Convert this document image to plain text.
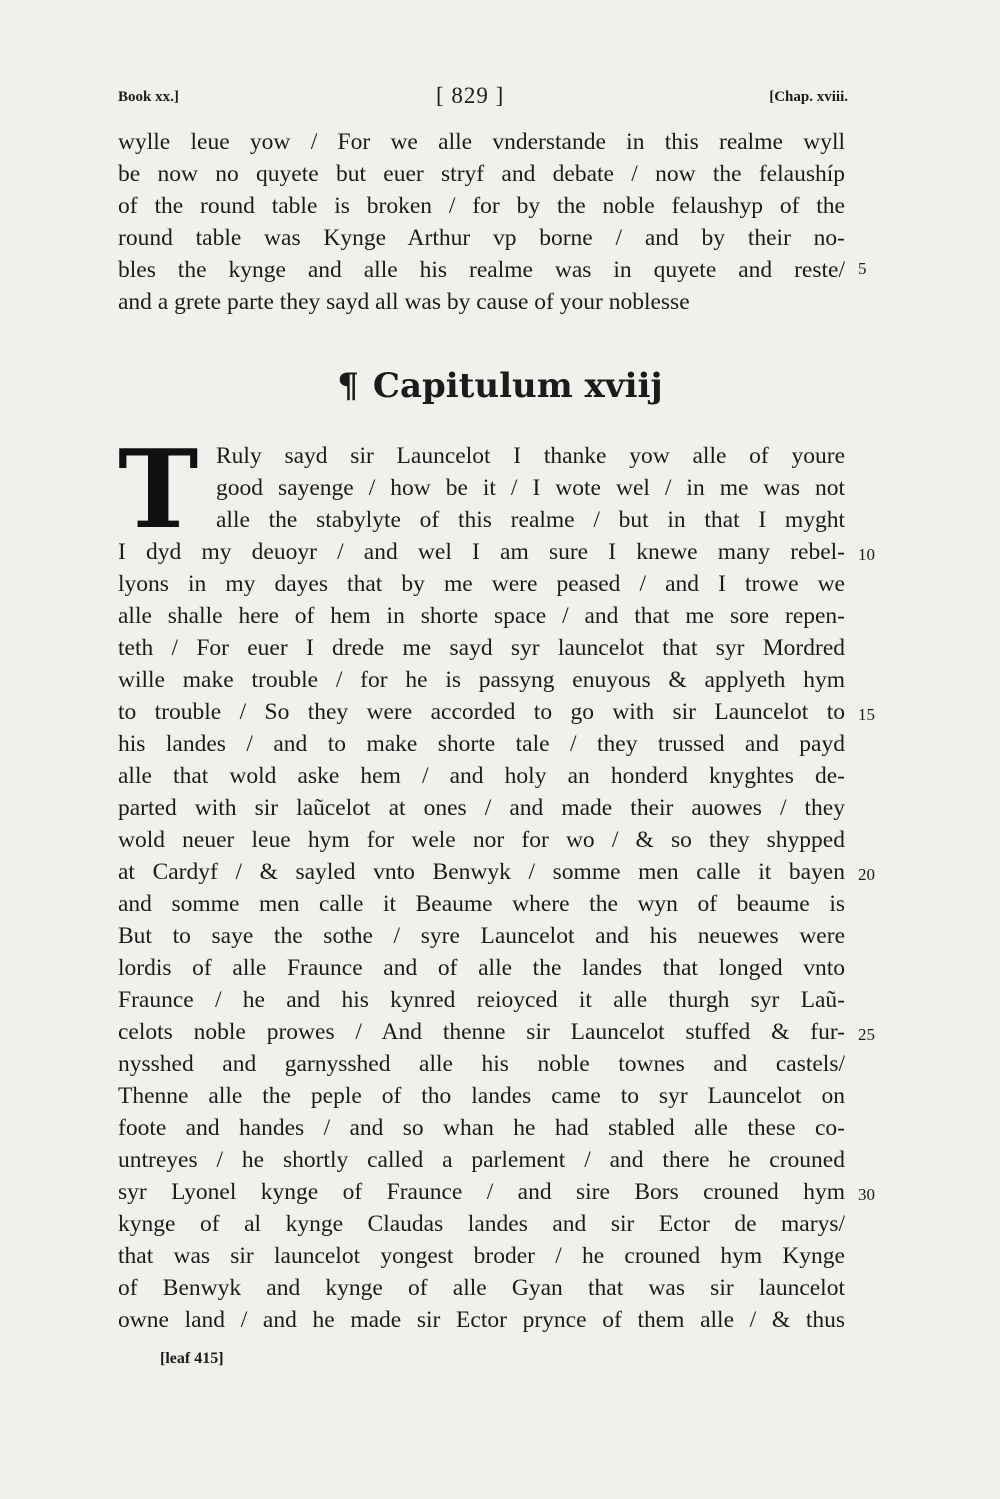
Book xx.]	[ 829 ]	[Chap. xviii.
wylle leue yow / For we alle vnderstande in this realme wyll
be now no quyete but euer stryf and debate / now the felaushíp
of the round table is broken / for by the noble felaushyp of the
round table was Kynge Arthur vp borne / and by their no-
bles the kynge and alle his realme was in quyete and reste/
and a grete parte they sayd all was by cause of your noblesse
5
¶ Capitulum xviij
T Ruly sayd sir Launcelot I thanke yow alle of youre
good sayenge / how be it / I wote wel / in me was not
alle the stabylyte of this realme / but in that I myght
I dyd my deuoyr / and wel I am sure I knewe many rebel-
lyons in my dayes that by me were peased / and I trowe we
alle shalle here of hem in shorte space / and that me sore repen-
teth / For euer I drede me sayd syr launcelot that syr Mordred
wille make trouble / for he is passyng enuyous & applyeth hym
to trouble / So they were accorded to go with sir Launcelot to
his landes / and to make shorte tale / they trussed and payd
alle that wold aske hem / and holy an honderd knyghtes de-
parted with sir laũcelot at ones / and made their auowes / they
wold neuer leue hym for wele nor for wo / & so they shypped
at Cardyf / & sayled vnto Benwyk / somme men calle it bayen
and somme men calle it Beaume where the wyn of beaume is
But to saye the sothe / syre Launcelot and his neuewes were
lordis of alle Fraunce and of alle the landes that longed vnto
Fraunce / he and his kynred reioyced it alle thurgh syr Laũ-
celots noble prowes / And thenne sir Launcelot stuffed & fur-
nysshed and garnysshed alle his noble townes and castels/
Thenne alle the peple of tho landes came to syr Launcelot on
foote and handes / and so whan he had stabled alle these co-
untreyes / he shortly called a parlement / and there he crouned
syr Lyonel kynge of Fraunce / and sire Bors crouned hym
kynge of al kynge Claudas landes and sir Ector de marys/
that was sir launcelot yongest broder / he crouned hym Kynge
of Benwyk and kynge of alle Gyan that was sir launcelot
owne land / and he made sir Ector prynce of them alle / & thus
10
15
20
25
30
[leaf 415]
